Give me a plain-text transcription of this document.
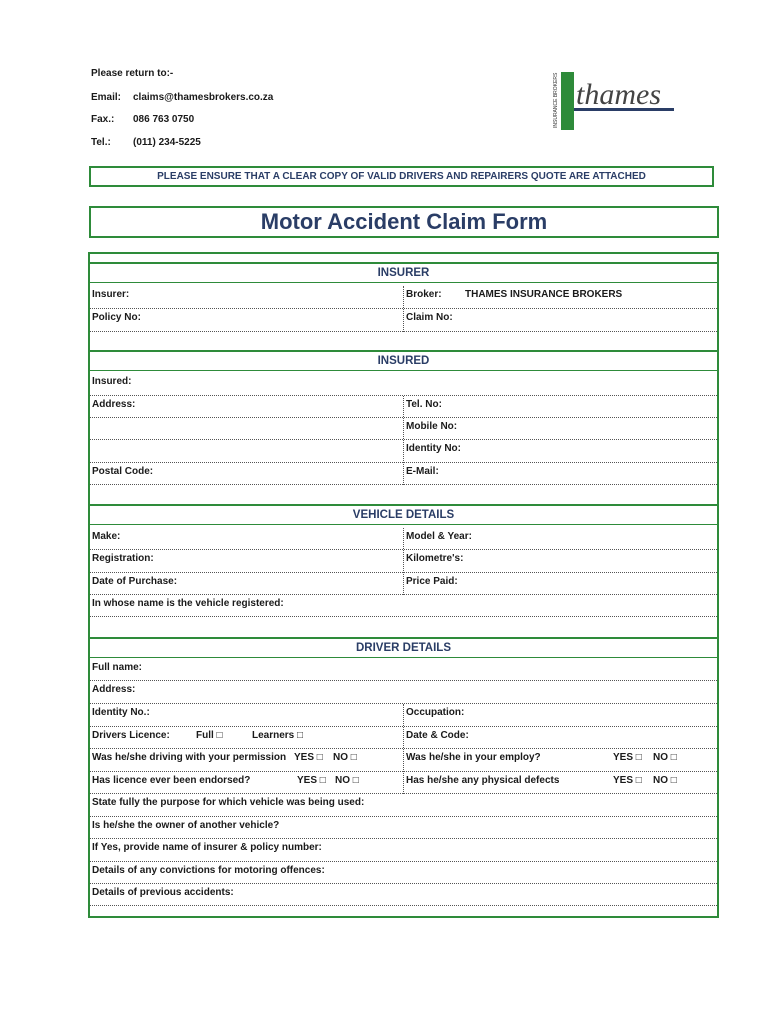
Please return to:-
Email: claims@thamesbrokers.co.za
Fax.: 086 763 0750
Tel.: (011) 234-5225
INSURANCE BROKERS thames
PLEASE ENSURE THAT A CLEAR COPY OF VALID DRIVERS AND REPAIRERS QUOTE ARE ATTACHED
Motor Accident Claim Form
INSURER
Insurer:	Broker: THAMES INSURANCE BROKERS
Policy No:	Claim No:
INSURED
Insured:
Address:	Tel. No:
Mobile No:
Identity No:
Postal Code:	E-Mail:
VEHICLE DETAILS
Make:	Model & Year:
Registration:	Kilometre's:
Date of Purchase:	Price Paid:
In whose name is the vehicle registered:
DRIVER DETAILS
Full name:
Address:
Identity No.:	Occupation:
Drivers Licence:	Full □	Learners □	Date & Code:
Was he/she driving with your permission YES □ NO □	Was he/she in your employ?	YES □ NO □
Has licence ever been endorsed?	YES □ NO □	Has he/she any physical defects	YES □ NO □
State fully the purpose for which vehicle was being used:
Is he/she the owner of another vehicle?
If Yes, provide name of insurer & policy number:
Details of any convictions for motoring offences:
Details of previous accidents:
